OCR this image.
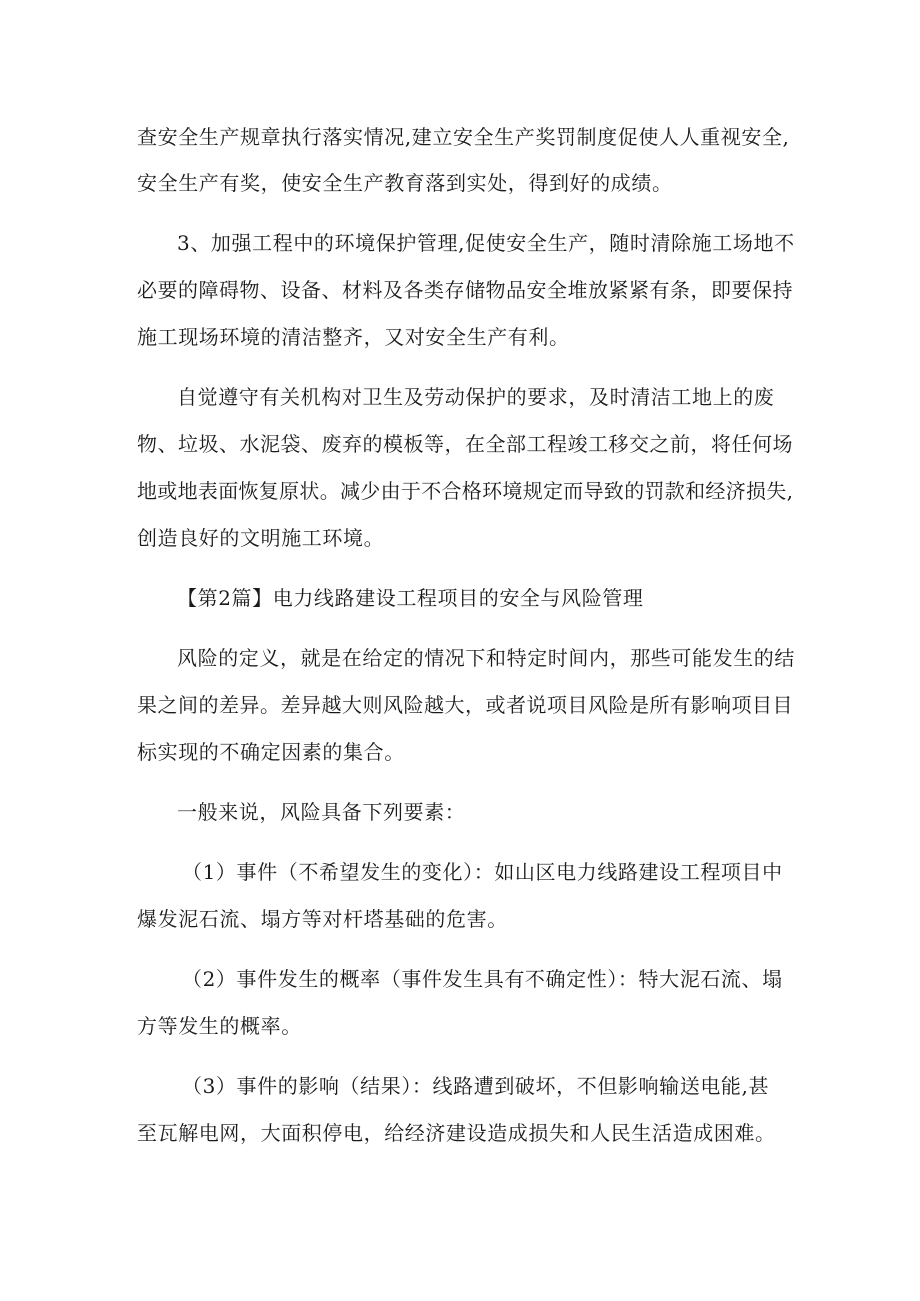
查安全生产规章执行落实情况,建立安全生产奖罚制度促使人人重视安全,

安全生产有奖，使安全生产教育落到实处，得到好的成绩。

3、加强工程中的环境保护管理,促使安全生产，随时清除施工场地不

必要的障碍物、设备、材料及各类存储物品安全堆放紧紧有条，即要保持

施工现场环境的清洁整齐，又对安全生产有利。

自觉遵守有关机构对卫生及劳动保护的要求，及时清洁工地上的废

物、垃圾、水泥袋、废弃的模板等，在全部工程竣工移交之前，将任何场

地或地表面恢复原状。减少由于不合格环境规定而导致的罚款和经济损失,

创造良好的文明施工环境。

【第2篇】电力线路建设工程项目的安全与风险管理

风险的定义，就是在给定的情况下和特定时间内，那些可能发生的结

果之间的差异。差异越大则风险越大，或者说项目风险是所有影响项目目

标实现的不确定因素的集合。

一般来说，风险具备下列要素：

（1）事件（不希望发生的变化）：如山区电力线路建设工程项目中

爆发泥石流、塌方等对杆塔基础的危害。

（2）事件发生的概率（事件发生具有不确定性）：特大泥石流、塌

方等发生的概率。

（3）事件的影响（结果）：线路遭到破坏，不但影响输送电能,甚

至瓦解电网，大面积停电，给经济建设造成损失和人民生活造成困难。
